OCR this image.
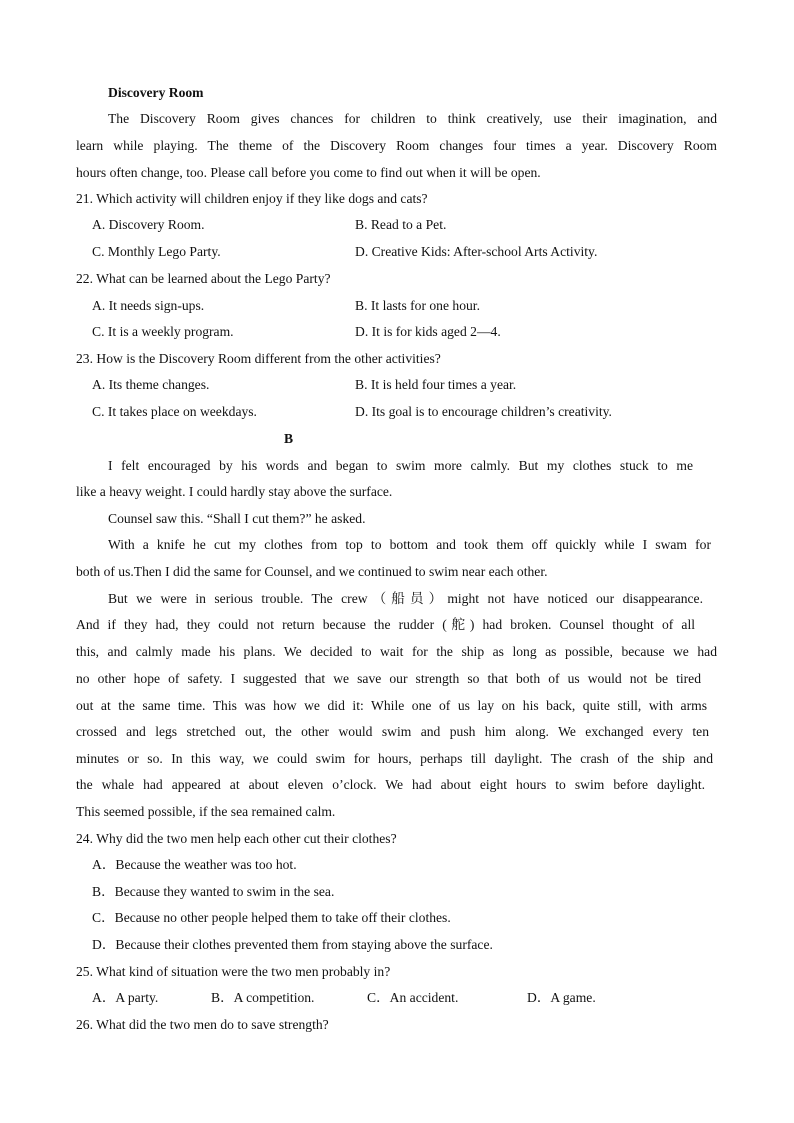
Discovery Room
The Discovery Room gives chances for children to think creatively, use their imagination, and
learn while playing. The theme of the Discovery Room changes four times a year. Discovery Room
hours often change, too. Please call before you come to find out when it will be open.
21. Which activity will children enjoy if they like dogs and cats?
A. Discovery Room.	B. Read to a Pet.
C. Monthly Lego Party.	D. Creative Kids: After-school Arts Activity.
22. What can be learned about the Lego Party?
A. It needs sign-ups.	B. It lasts for one hour.
C. It is a weekly program.	D. It is for kids aged 2—4.
23. How is the Discovery Room different from the other activities?
A. Its theme changes.	B. It is held four times a year.
C. It takes place on weekdays.	D. Its goal is to encourage children’s creativity.
B
I felt encouraged by his words and began to swim more calmly. But my clothes stuck to me
like a heavy weight. I could hardly stay above the surface.
Counsel saw this. “Shall I cut them?” he asked.
With a knife he cut my clothes from top to bottom and took them off quickly while I swam for
both of us.Then I did the same for Counsel, and we continued to swim near each other.
But we were in serious trouble. The crew（船员）might not have noticed our disappearance.
And if they had, they could not return because the rudder (舵) had broken. Counsel thought of all
this, and calmly made his plans. We decided to wait for the ship as long as possible, because we had
no other hope of safety. I suggested that we save our strength so that both of us would not be tired
out at the same time. This was how we did it: While one of us lay on his back, quite still, with arms
crossed and legs stretched out, the other would swim and push him along. We exchanged every ten
minutes or so. In this way, we could swim for hours, perhaps till daylight. The crash of the ship and
the whale had appeared at about eleven o’clock. We had about eight hours to swim before daylight.
This seemed possible, if the sea remained calm.
24. Why did the two men help each other cut their clothes?
A．Because the weather was too hot.
B．Because they wanted to swim in the sea.
C．Because no other people helped them to take off their clothes.
D．Because their clothes prevented them from staying above the surface.
25. What kind of situation were the two men probably in?
A．A party.	B．A competition.	C．An accident.	D．A game.
26. What did the two men do to save strength?
